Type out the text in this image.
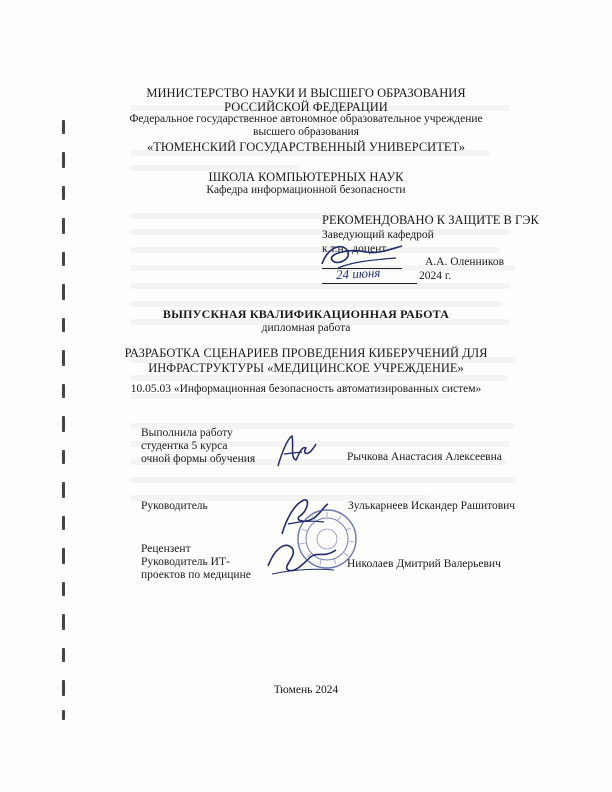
МИНИСТЕРСТВО НАУКИ И ВЫСШЕГО ОБРАЗОВАНИЯ
РОССИЙСКОЙ ФЕДЕРАЦИИ
Федеральное государственное автономное образовательное учреждение
высшего образования
«ТЮМЕНСКИЙ ГОСУДАРСТВЕННЫЙ УНИВЕРСИТЕТ»
ШКОЛА КОМПЬЮТЕРНЫХ НАУК
Кафедра информационной безопасности
РЕКОМЕНДОВАНО К ЗАЩИТЕ В ГЭК
Заведующий кафедрой
к.т.н., доцент
А.А. Оленников
24 июня	2024 г.
ВЫПУСКНАЯ КВАЛИФИКАЦИОННАЯ РАБОТА
дипломная работа
РАЗРАБОТКА СЦЕНАРИЕВ ПРОВЕДЕНИЯ КИБЕРУЧЕНИЙ ДЛЯ
ИНФРАСТРУКТУРЫ «МЕДИЦИНСКОЕ УЧРЕЖДЕНИЕ»
10.05.03 «Информационная безопасность автоматизированных систем»
Выполнила работу
студентка 5 курса
очной формы обучения	Рычкова Анастасия Алексеевна
Руководитель	Зулькарнеев Искандер Рашитович
Рецензент
Руководитель ИТ-
проектов по медицине
Николаев Дмитрий Валерьевич
Тюмень 2024
